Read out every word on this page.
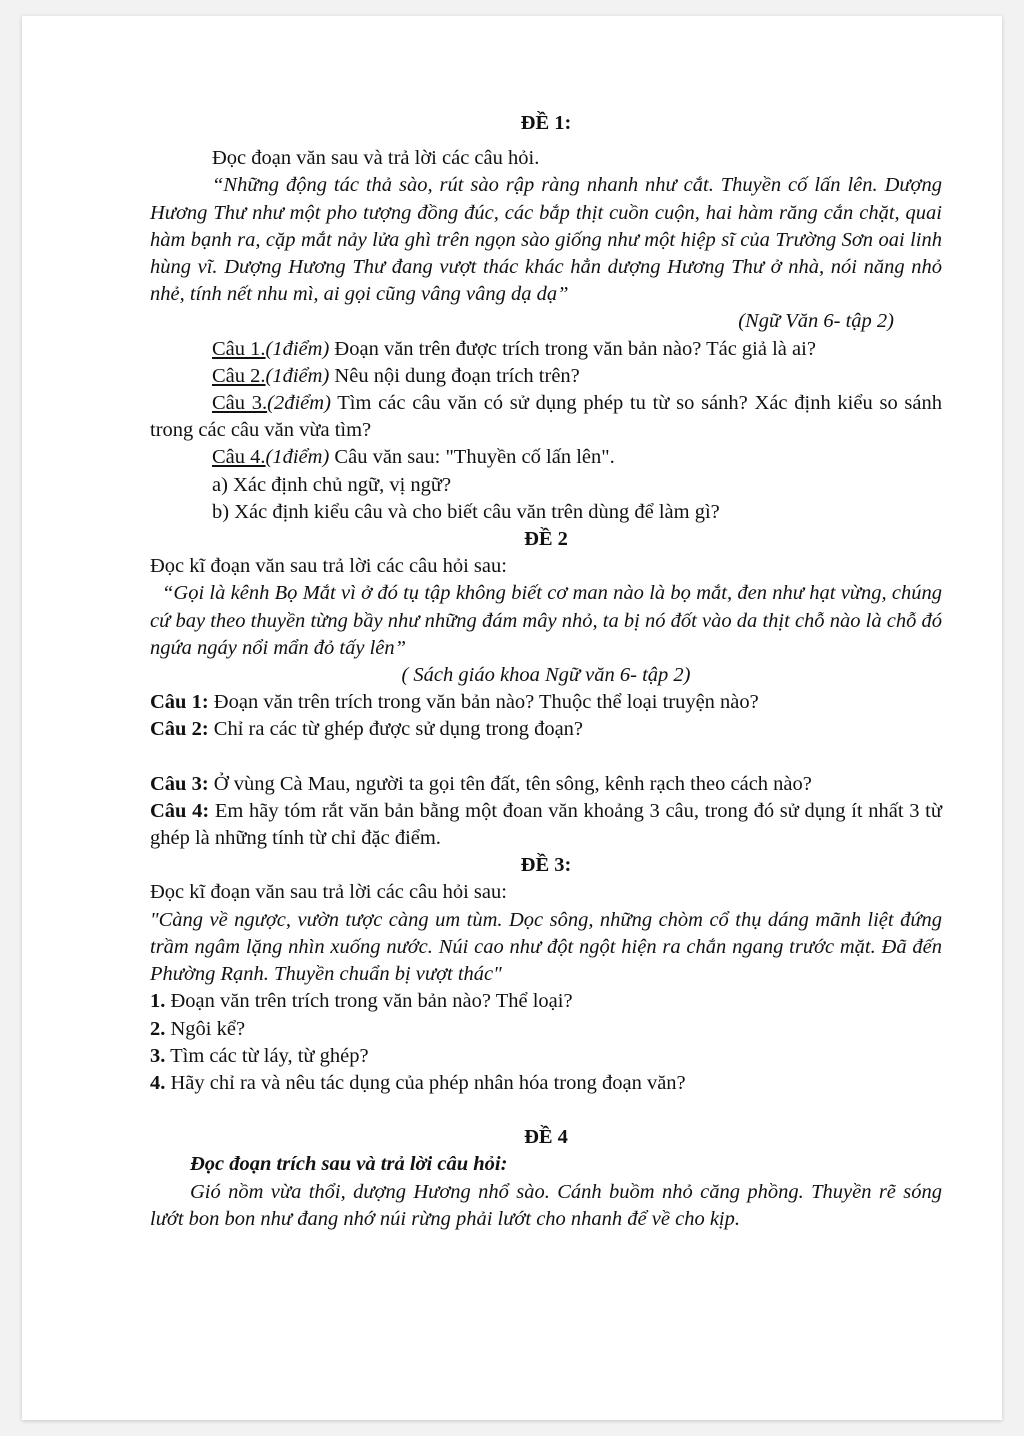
ĐỀ 1:

Đọc đoạn văn sau và trả lời các câu hỏi.

“Những động tác thả sào, rút sào rập ràng nhanh như cắt. Thuyền cố lấn lên. Dượng Hương Thư như một pho tượng đồng đúc, các bắp thịt cuồn cuộn, hai hàm răng cắn chặt, quai hàm bạnh ra, cặp mắt nảy lửa ghì trên ngọn sào giống như một hiệp sĩ của Trường Sơn oai linh hùng vĩ. Dượng Hương Thư đang vượt thác khác hẳn dượng Hương Thư ở nhà, nói năng nhỏ nhẻ, tính nết nhu mì, ai gọi cũng vâng vâng dạ dạ”

(Ngữ Văn 6- tập 2)

Câu 1.(1điểm) Đoạn văn trên được trích trong văn bản nào? Tác giả là ai?

Câu 2.(1điểm) Nêu nội dung đoạn trích trên?

Câu 3.(2điểm) Tìm các câu văn có sử dụng phép tu từ so sánh? Xác định kiểu so sánh trong các câu văn vừa tìm?

Câu 4.(1điểm) Câu văn sau: "Thuyền cố lấn lên".

a) Xác định chủ ngữ, vị ngữ?

b) Xác định kiểu câu và cho biết câu văn trên dùng để làm gì?

ĐỀ 2

Đọc kĩ đoạn văn sau trả lời các câu hỏi sau:

“Gọi là kênh Bọ Mắt vì ở đó tụ tập không biết cơ man nào là bọ mắt, đen như hạt vừng, chúng cứ bay theo thuyền từng bầy như những đám mây nhỏ, ta bị nó đốt vào da thịt chỗ nào là chỗ đó ngứa ngáy nổi mẩn đỏ tấy lên”

( Sách giáo khoa Ngữ văn 6- tập 2)

Câu 1: Đoạn văn trên trích trong văn bản nào? Thuộc thể loại truyện nào?

Câu 2: Chỉ ra các từ ghép được sử dụng trong đoạn?

Câu 3: Ở vùng Cà Mau, người ta gọi tên đất, tên sông, kênh rạch theo cách nào?

Câu 4: Em hãy tóm rắt văn bản bằng một đoan văn khoảng 3 câu, trong đó sử dụng ít nhất 3 từ ghép là những tính từ chỉ đặc điểm.

ĐỀ 3:

Đọc kĩ đoạn văn sau trả lời các câu hỏi sau:

"Càng về ngược, vườn tược càng um tùm. Dọc sông, những chòm cổ thụ dáng mãnh liệt đứng trầm ngâm lặng nhìn xuống nước. Núi cao như đột ngột hiện ra chắn ngang trước mặt. Đã đến Phường Rạnh. Thuyền chuẩn bị vượt thác"

1. Đoạn văn trên trích trong văn bản nào? Thể loại?

2. Ngôi kể?

3. Tìm các từ láy, từ ghép?

4. Hãy chỉ ra và nêu tác dụng của phép nhân hóa trong đoạn văn?

ĐỀ 4

Đọc đoạn trích sau và trả lời câu hỏi:

Gió nồm vừa thổi, dượng Hương nhổ sào. Cánh buồm nhỏ căng phồng. Thuyền rẽ sóng lướt bon bon như đang nhớ núi rừng phải lướt cho nhanh để về cho kịp.
